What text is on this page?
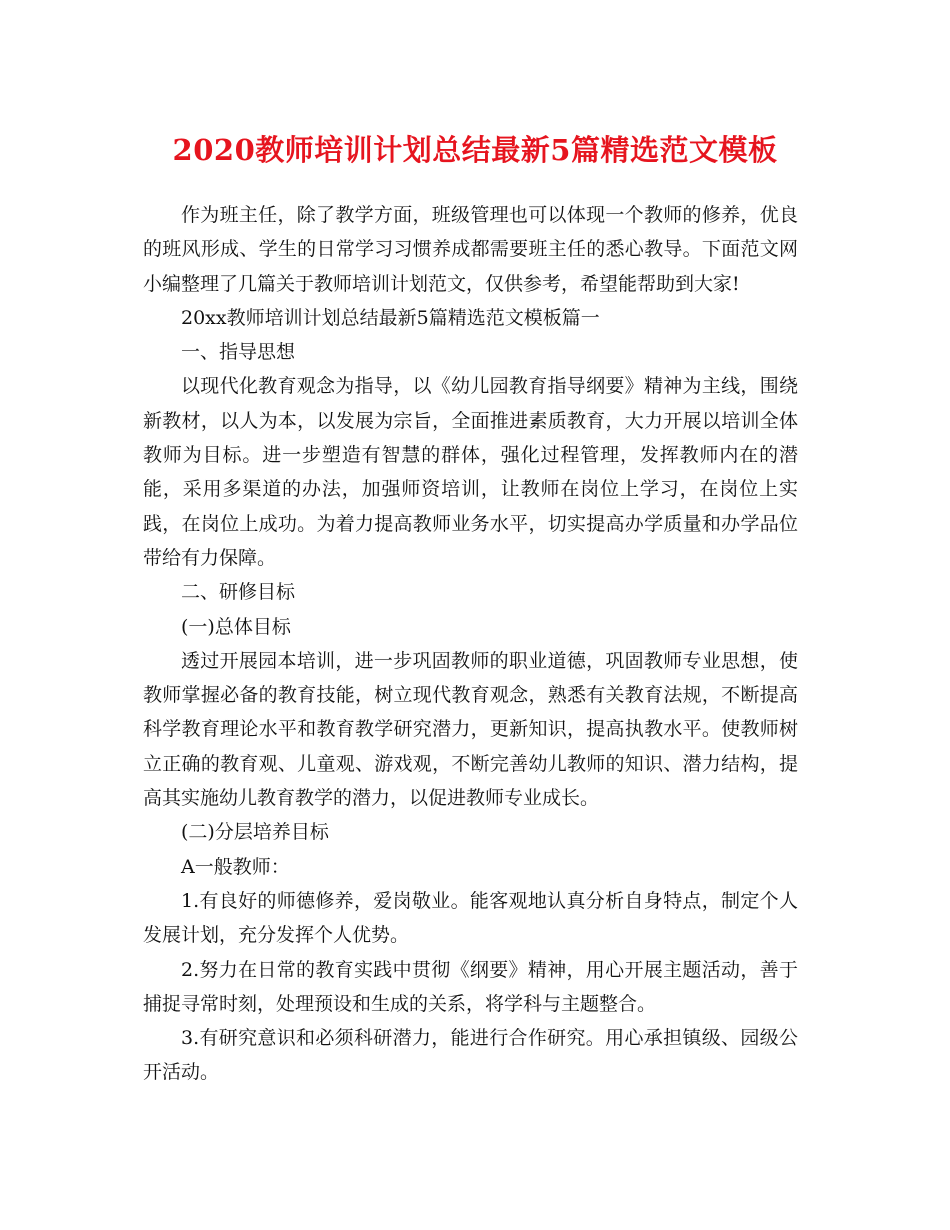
2020教师培训计划总结最新5篇精选范文模板

作为班主任，除了教学方面，班级管理也可以体现一个教师的修养，优良的班风形成、学生的日常学习习惯养成都需要班主任的悉心教导。下面范文网小编整理了几篇关于教师培训计划范文，仅供参考，希望能帮助到大家!

20xx教师培训计划总结最新5篇精选范文模板篇一

一、指导思想

以现代化教育观念为指导，以《幼儿园教育指导纲要》精神为主线，围绕新教材，以人为本，以发展为宗旨，全面推进素质教育，大力开展以培训全体教师为目标。进一步塑造有智慧的群体，强化过程管理，发挥教师内在的潜能，采用多渠道的办法，加强师资培训，让教师在岗位上学习，在岗位上实践，在岗位上成功。为着力提高教师业务水平，切实提高办学质量和办学品位带给有力保障。

二、研修目标

(一)总体目标

透过开展园本培训，进一步巩固教师的职业道德，巩固教师专业思想，使教师掌握必备的教育技能，树立现代教育观念，熟悉有关教育法规，不断提高科学教育理论水平和教育教学研究潜力，更新知识，提高执教水平。使教师树立正确的教育观、儿童观、游戏观，不断完善幼儿教师的知识、潜力结构，提高其实施幼儿教育教学的潜力，以促进教师专业成长。

(二)分层培养目标

A一般教师：

1.有良好的师德修养，爱岗敬业。能客观地认真分析自身特点，制定个人发展计划，充分发挥个人优势。

2.努力在日常的教育实践中贯彻《纲要》精神，用心开展主题活动，善于捕捉寻常时刻，处理预设和生成的关系，将学科与主题整合。

3.有研究意识和必须科研潜力，能进行合作研究。用心承担镇级、园级公开活动。
